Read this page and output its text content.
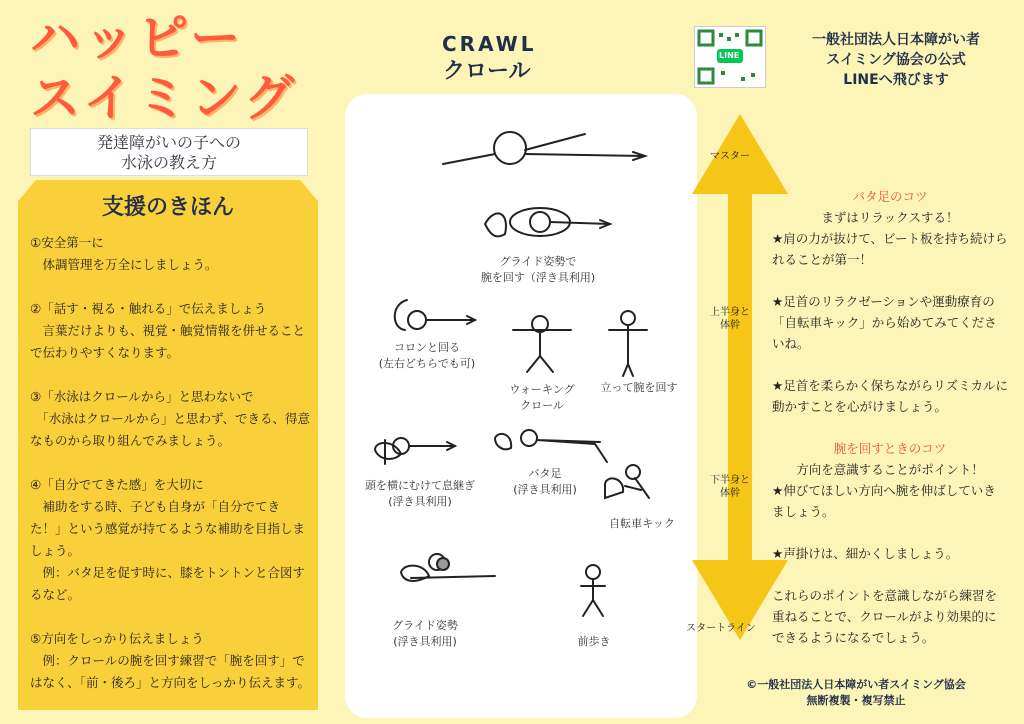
ハッピー
スイミング
発達障がいの子への
水泳の教え方
支援のきほん

①安全第一に
　体調管理を万全にしましょう。

②「話す・視る・触れる」で伝えましょう
　言葉だけよりも、視覚・触覚情報を併せることで伝わりやすくなります。

③「水泳はクロールから」と思わないで
　「水泳はクロールから」と思わず、できる、得意なものから取り組んでみましょう。

④「自分でてきた感」を大切に
　補助をする時、子ども自身が「自分でてきた！」という感覚が持てるような補助を目指しましょう。
　例：バタ足を促す時に、膝をトントンと合図するなど。

⑤方向をしっかり伝えましょう
　例：クロールの腕を回す練習で「腕を回す」ではなく、「前・後ろ」と方向をしっかり伝えます。

CRAWL
クロール
グライド姿勢で
腕を回す（浮き具利用)
コロンと回る
(左右どちらでも可)
ウォーキング
クロール
立って腕を回す
頭を横にむけて息継ぎ
(浮き具利用)
バタ足
(浮き具利用)
自転車キック
グライド姿勢
(浮き具利用)	前歩き
LINE
一般社団法人日本障がい者
スイミング協会の公式
LINEへ飛びます
マスター
上半身と
体幹
下半身と
体幹
スタートライン
バタ足のコツ
まずはリラックスする！

★肩の力が抜けて、ビート板を持ち続けられることが第一！

★足首のリラクゼーションや運動療育の「自転車キック」から始めてみてくださいね。

★足首を柔らかく保ちながらリズミカルに動かすことを心がけましょう。

腕を回すときのコツ
方向を意識することがポイント！

★伸びてほしい方向へ腕を伸ばしていきましょう。

★声掛けは、細かくしましょう。

これらのポイントを意識しながら練習を重ねることで、クロールがより効果的にできるようになるでしょう。

©一般社団法人日本障がい者スイミング協会
無断複製・複写禁止
